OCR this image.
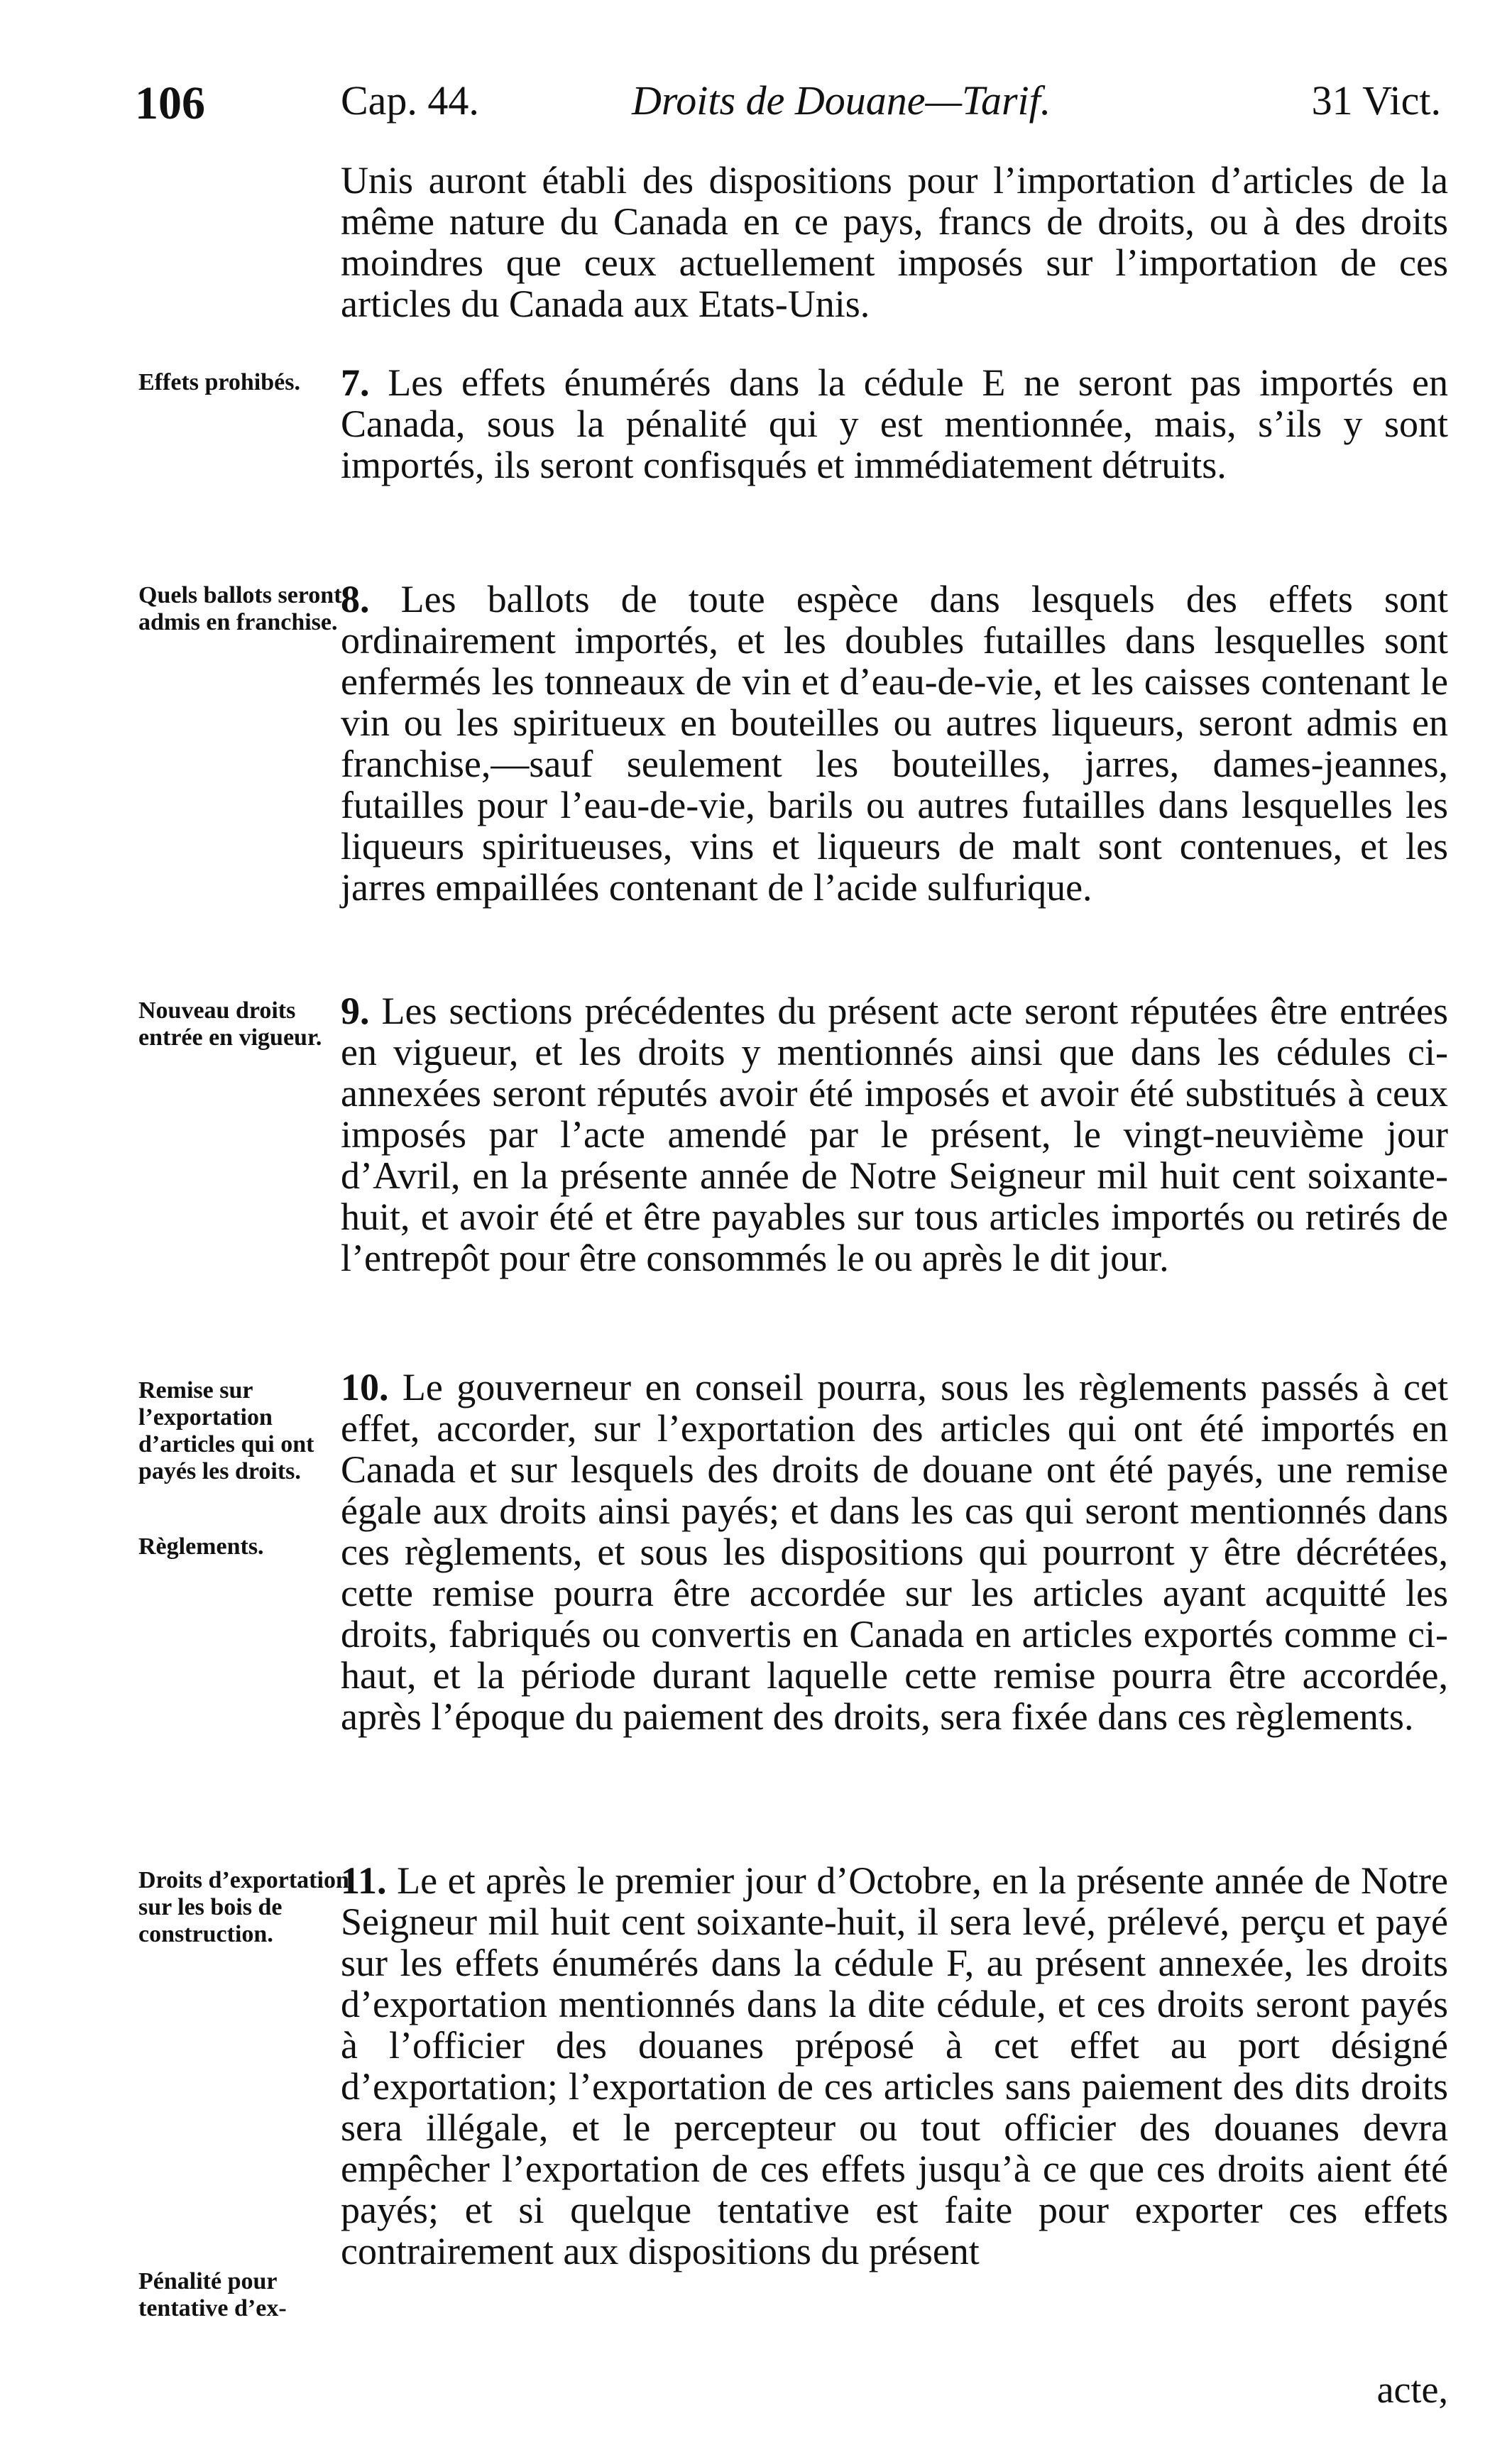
106	Cap. 44.	Droits de Douane—Tarif.	31 Vict.

Unis auront établi des dispositions pour l’importation d’articles de la même nature du Canada en ce pays, francs de droits, ou à des droits moindres que ceux actuellement imposés sur l’importation de ces articles du Canada aux Etats-Unis.

Effets prohibés.	7. Les effets énumérés dans la cédule E ne seront pas importés en Canada, sous la pénalité qui y est mentionnée, mais, s’ils y sont importés, ils seront confisqués et immédiatement détruits.

Quels ballots seront admis en franchise.

8. Les ballots de toute espèce dans lesquels des effets sont ordinairement importés, et les doubles futailles dans lesquelles sont enfermés les tonneaux de vin et d’eau-de-vie, et les caisses contenant le vin ou les spiritueux en bouteilles ou autres liqueurs, seront admis en franchise,—sauf seulement les bouteilles, jarres, dames-jeannes, futailles pour l’eau-de-vie, barils ou autres futailles dans lesquelles les liqueurs spiritueuses, vins et liqueurs de malt sont contenues, et les jarres empaillées contenant de l’acide sulfurique.

Nouveau droits entrée en vigueur.

9. Les sections précédentes du présent acte seront réputées être entrées en vigueur, et les droits y mentionnés ainsi que dans les cédules ci-annexées seront réputés avoir été imposés et avoir été substitués à ceux imposés par l’acte amendé par le présent, le vingt-neuvième jour d’Avril, en la présente année de Notre Seigneur mil huit cent soixante-huit, et avoir été et être payables sur tous articles importés ou retirés de l’entrepôt pour être consommés le ou après le dit jour.

Remise sur l’exportation d’articles qui ont payés les droits.

Règlements.

10. Le gouverneur en conseil pourra, sous les règlements passés à cet effet, accorder, sur l’exportation des articles qui ont été importés en Canada et sur lesquels des droits de douane ont été payés, une remise égale aux droits ainsi payés; et dans les cas qui seront mentionnés dans ces règlements, et sous les dispositions qui pourront y être décrétées, cette remise pourra être accordée sur les articles ayant acquitté les droits, fabriqués ou convertis en Canada en articles exportés comme ci-haut, et la période durant laquelle cette remise pourra être accordée, après l’époque du paiement des droits, sera fixée dans ces règlements.

Droits d’exportation sur les bois de construction.

Pénalité pour tentative d’ex-

11. Le et après le premier jour d’Octobre, en la présente année de Notre Seigneur mil huit cent soixante-huit, il sera levé, prélevé, perçu et payé sur les effets énumérés dans la cédule F, au présent annexée, les droits d’exportation mentionnés dans la dite cédule, et ces droits seront payés à l’officier des douanes préposé à cet effet au port désigné d’exportation; l’exportation de ces articles sans paiement des dits droits sera illégale, et le percepteur ou tout officier des douanes devra empêcher l’exportation de ces effets jusqu’à ce que ces droits aient été payés; et si quelque tentative est faite pour exporter ces effets contrairement aux dispositions du présent

acte,
